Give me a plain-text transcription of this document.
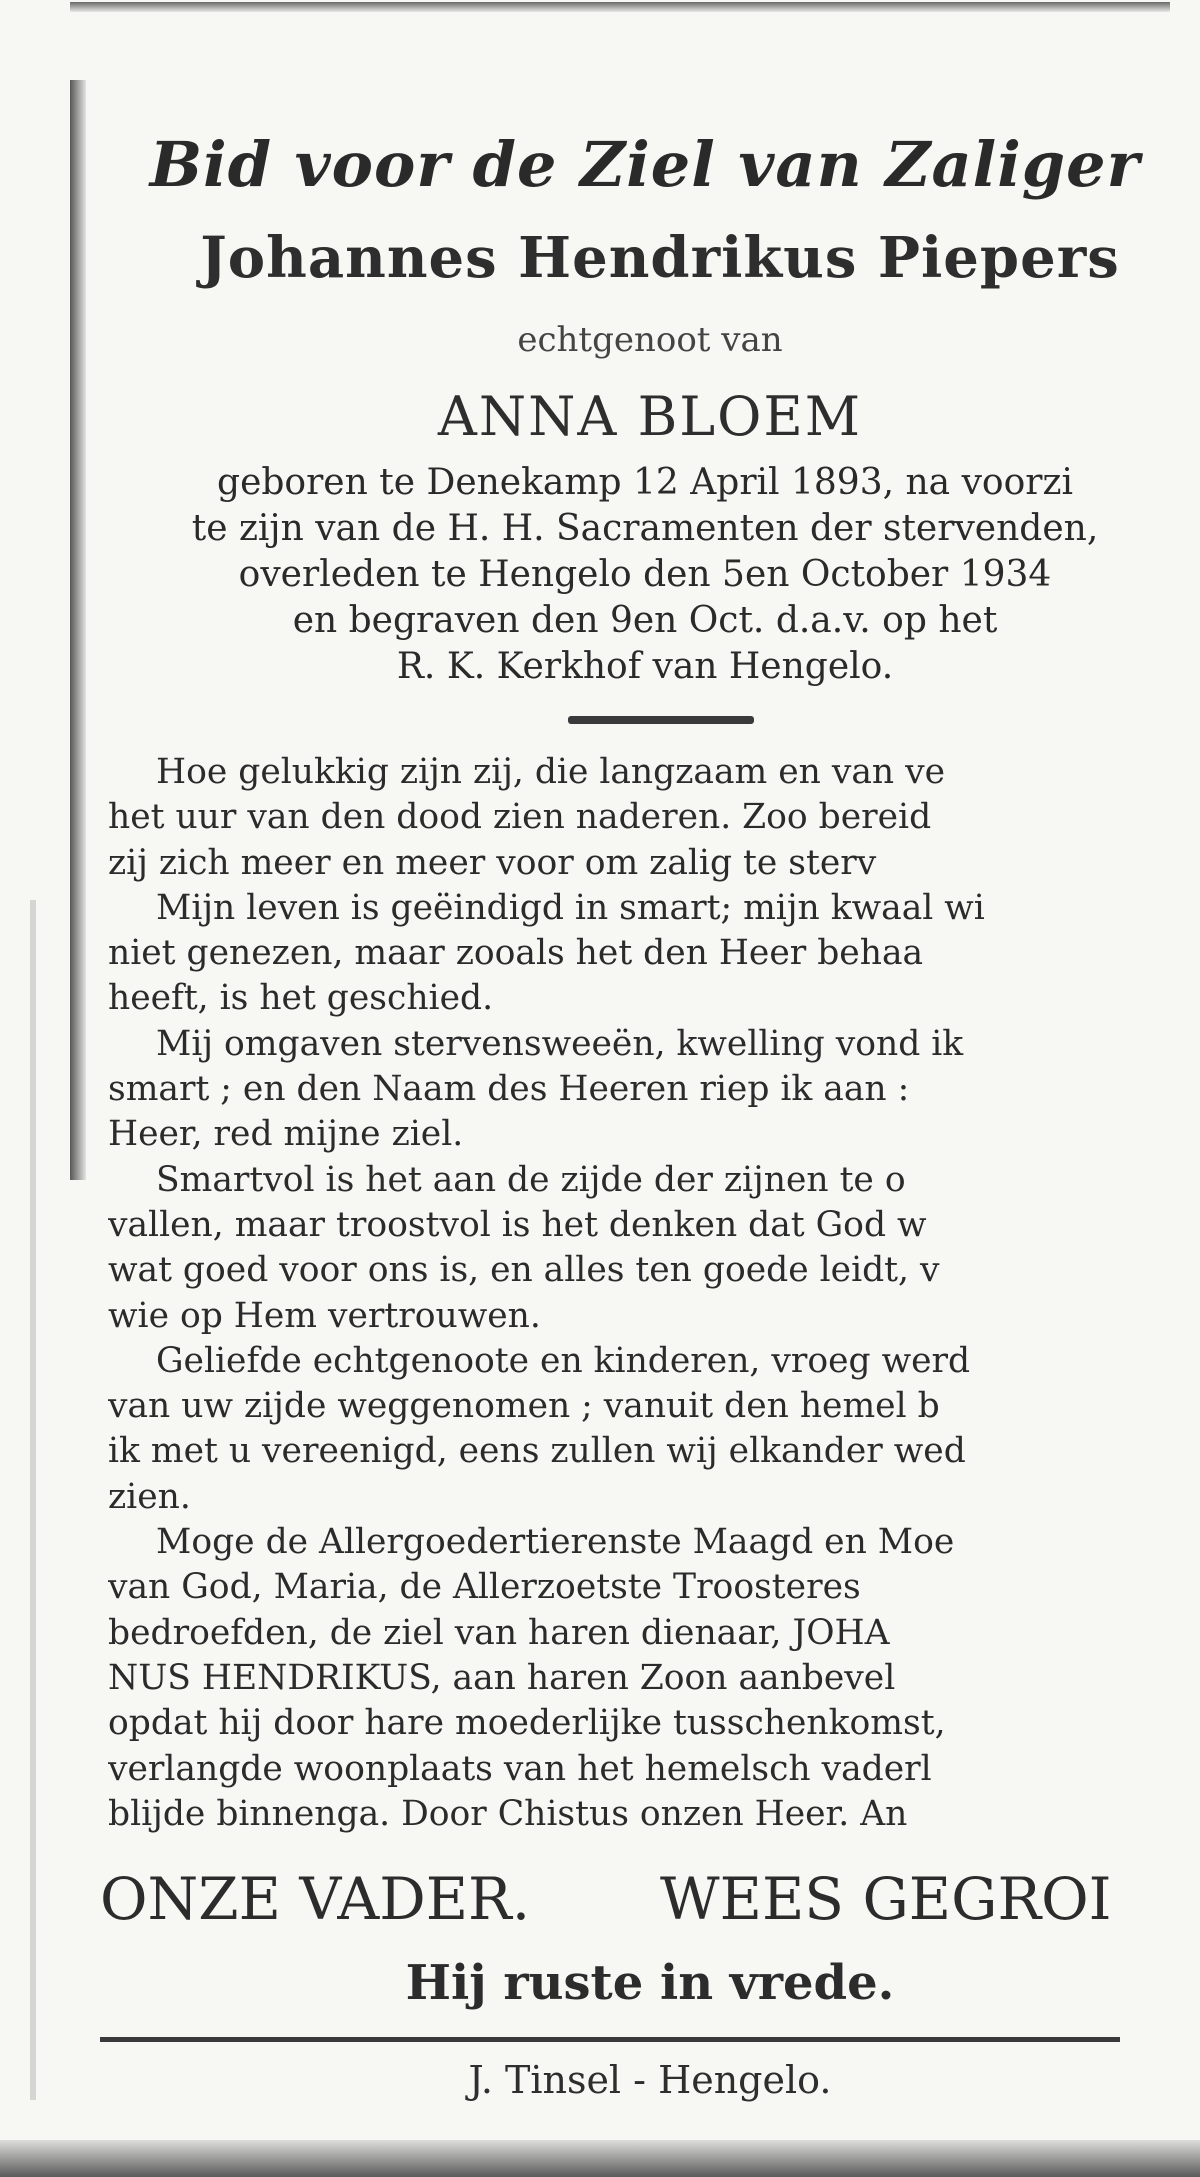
Bid voor de Ziel van Zaliger
Johannes Hendrikus Piepers
echtgenoot van
ANNA BLOEM

geboren te Denekamp 12 April 1893, na voorzi

te zijn van de H. H. Sacramenten der stervenden,

overleden te Hengelo den 5en October 1934

en begraven den 9en Oct. d.a.v. op het

R. K. Kerkhof van Hengelo.

Hoe gelukkig zijn zij, die langzaam en van ve

het uur van den dood zien naderen. Zoo bereid

zij zich meer en meer voor om zalig te sterv

Mijn leven is geëindigd in smart; mijn kwaal wi

niet genezen, maar zooals het den Heer behaa

heeft, is het geschied.

Mij omgaven stervensweeën, kwelling vond ik

smart ; en den Naam des Heeren riep ik aan :

Heer, red mijne ziel.

Smartvol is het aan de zijde der zijnen te o

vallen, maar troostvol is het denken dat God w

wat goed voor ons is, en alles ten goede leidt, v

wie op Hem vertrouwen.

Geliefde echtgenoote en kinderen, vroeg werd

van uw zijde weggenomen ; vanuit den hemel b

ik met u vereenigd, eens zullen wij elkander wed

zien.

Moge de Allergoedertierenste Maagd en Moe

van God, Maria, de Allerzoetste Troosteres

bedroefden, de ziel van haren dienaar, JOHA

NUS HENDRIKUS, aan haren Zoon aanbevel

opdat hij door hare moederlijke tusschenkomst,

verlangde woonplaats van het hemelsch vaderl

blijde binnenga. Door Chistus onzen Heer. An

ONZE VADER. WEES GEGROI
Hij ruste in vrede.
J. Tinsel - Hengelo.
